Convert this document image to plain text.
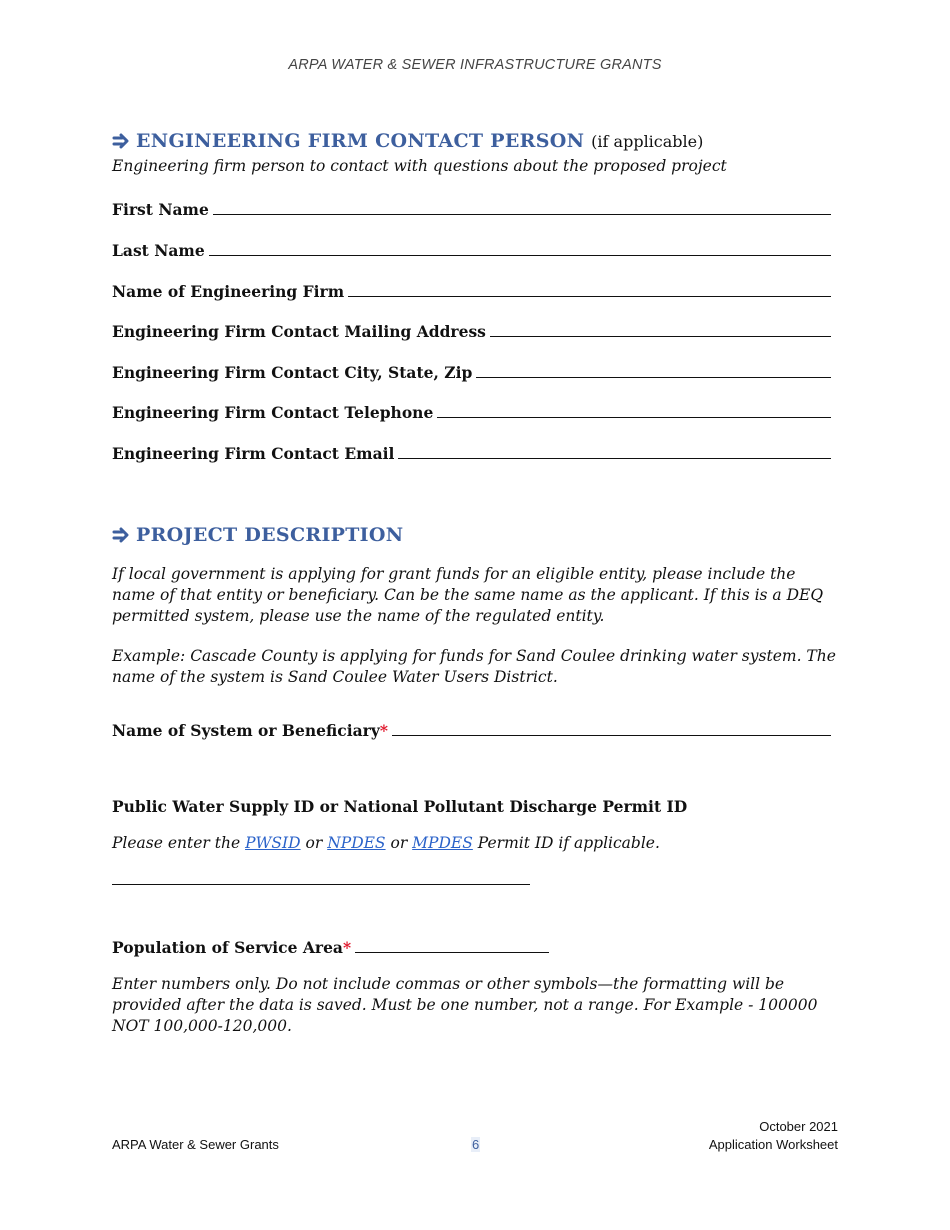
ARPA WATER & SEWER INFRASTRUCTURE GRANTS
ENGINEERING FIRM CONTACT PERSON (if applicable)
Engineering firm person to contact with questions about the proposed project
First Name
Last Name
Name of Engineering Firm
Engineering Firm Contact Mailing Address
Engineering Firm Contact City, State, Zip
Engineering Firm Contact Telephone
Engineering Firm Contact Email
PROJECT DESCRIPTION
If local government is applying for grant funds for an eligible entity, please include the name of that entity or beneficiary. Can be the same name as the applicant. If this is a DEQ permitted system, please use the name of the regulated entity.
Example: Cascade County is applying for funds for Sand Coulee drinking water system. The name of the system is Sand Coulee Water Users District.
Name of System or Beneficiary*
Public Water Supply ID or National Pollutant Discharge Permit ID
Please enter the PWSID or NPDES or MPDES Permit ID if applicable.
Population of Service Area*
Enter numbers only. Do not include commas or other symbols—the formatting will be provided after the data is saved. Must be one number, not a range. For Example - 100000 NOT 100,000-120,000.
ARPA Water & Sewer Grants	6
October 2021
Application Worksheet
